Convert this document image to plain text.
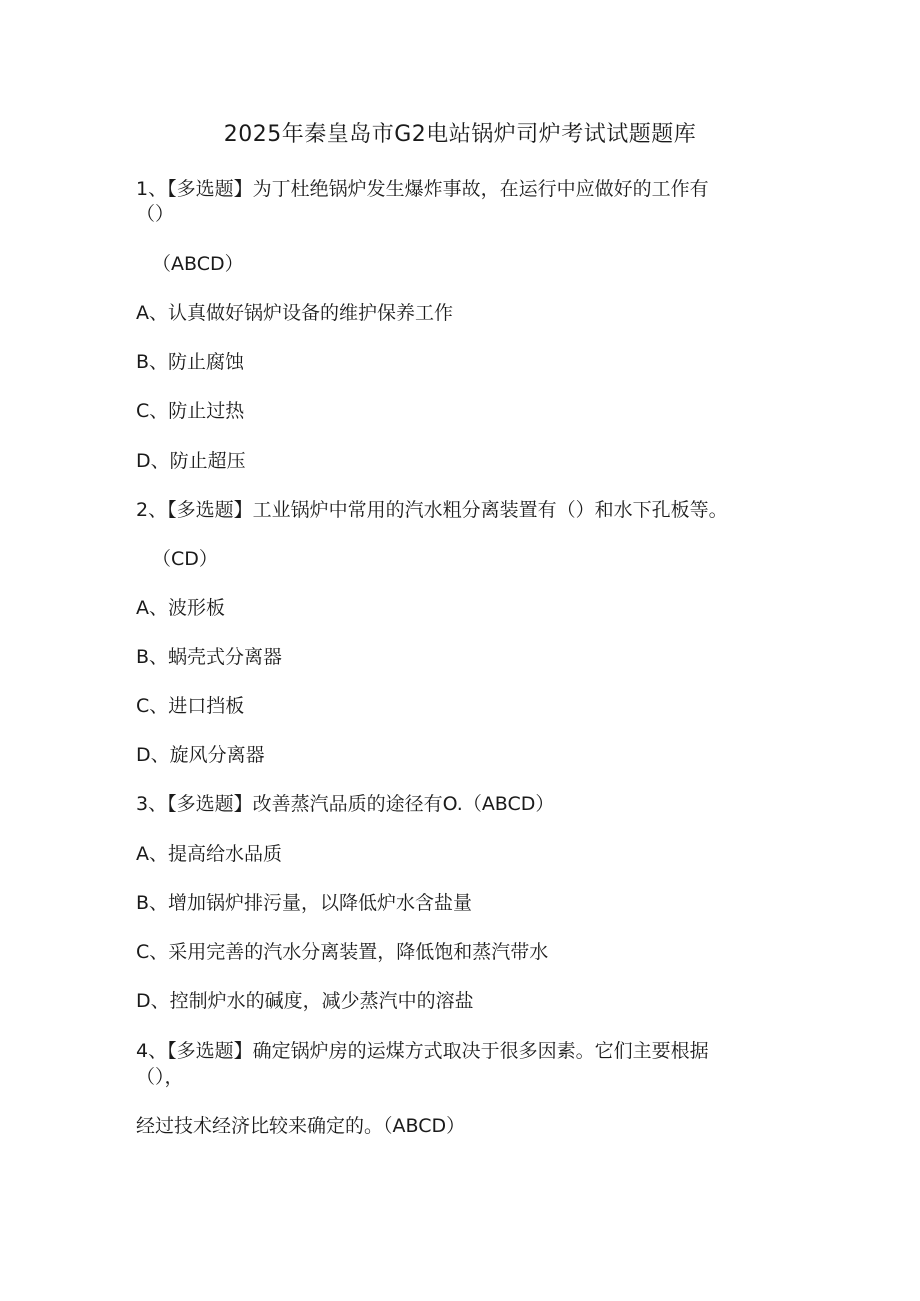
2025年秦皇岛市G2电站锅炉司炉考试试题题库
1、【多选题】为丁杜绝锅炉发生爆炸事故，在运行中应做好的工作有
（）
（ABCD）
A、认真做好锅炉设备的维护保养工作
B、防止腐蚀
C、防止过热
D、防止超压
2、【多选题】工业锅炉中常用的汽水粗分离装置有（）和水下孔板等。
（CD）
A、波形板
B、蜗壳式分离器
C、进口挡板
D、旋风分离器
3、【多选题】改善蒸汽品质的途径有O.（ABCD）
A、提高给水品质
B、增加锅炉排污量，以降低炉水含盐量
C、采用完善的汽水分离装置，降低饱和蒸汽带水
D、控制炉水的碱度，减少蒸汽中的溶盐
4、【多选题】确定锅炉房的运煤方式取决于很多因素。它们主要根据
（），
经过技术经济比较来确定的。（ABCD）
